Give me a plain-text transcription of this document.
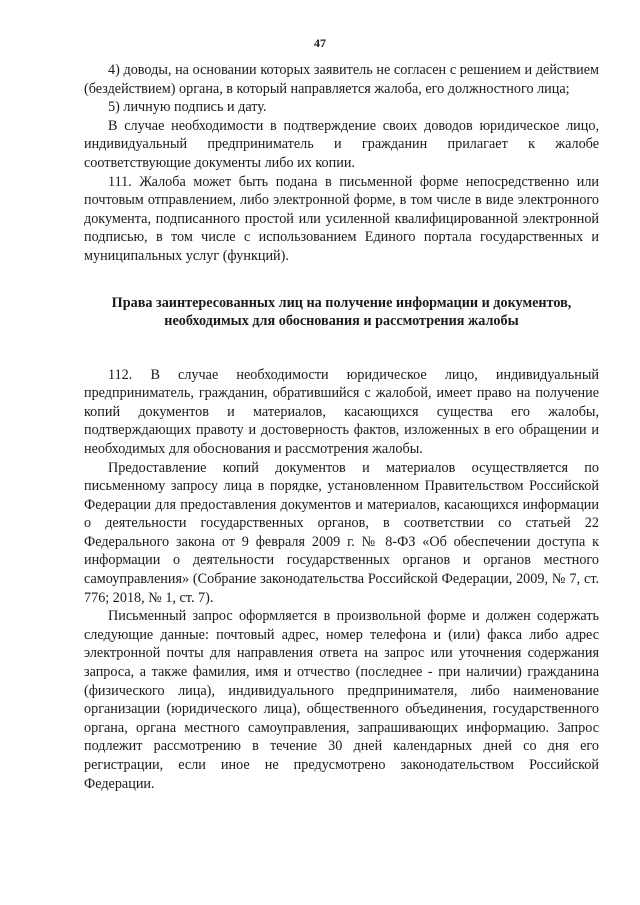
47

4) доводы, на основании которых заявитель не согласен с решением и действием (бездействием) органа, в который направляется жалоба, его должностного лица;

5) личную подпись и дату.

В случае необходимости в подтверждение своих доводов юридическое лицо, индивидуальный предприниматель и гражданин прилагает к жалобе соответствующие документы либо их копии.

111. Жалоба может быть подана в письменной форме непосредственно или почтовым отправлением, либо электронной форме, в том числе в виде электронного документа, подписанного простой или усиленной квалифицированной электронной подписью, в том числе с использованием Единого портала государственных и муниципальных услуг (функций).

Права заинтересованных лиц на получение информации и документов, необходимых для обоснования и рассмотрения жалобы

112. В случае необходимости юридическое лицо, индивидуальный предприниматель, гражданин, обратившийся с жалобой, имеет право на получение копий документов и материалов, касающихся существа его жалобы, подтверждающих правоту и достоверность фактов, изложенных в его обращении и необходимых для обоснования и рассмотрения жалобы.

Предоставление копий документов и материалов осуществляется по письменному запросу лица в порядке, установленном Правительством Российской Федерации для предоставления документов и материалов, касающихся информации о деятельности государственных органов, в соответствии со статьей 22 Федерального закона от 9 февраля 2009 г. № 8-ФЗ «Об обеспечении доступа к информации о деятельности государственных органов и органов местного самоуправления» (Собрание законодательства Российской Федерации, 2009, № 7, ст. 776; 2018, № 1, ст. 7).

Письменный запрос оформляется в произвольной форме и должен содержать следующие данные: почтовый адрес, номер телефона и (или) факса либо адрес электронной почты для направления ответа на запрос или уточнения содержания запроса, а также фамилия, имя и отчество (последнее - при наличии) гражданина (физического лица), индивидуального предпринимателя, либо наименование организации (юридического лица), общественного объединения, государственного органа, органа местного самоуправления, запрашивающих информацию. Запрос подлежит рассмотрению в течение 30 дней календарных дней со дня его регистрации, если иное не предусмотрено законодательством Российской Федерации.
